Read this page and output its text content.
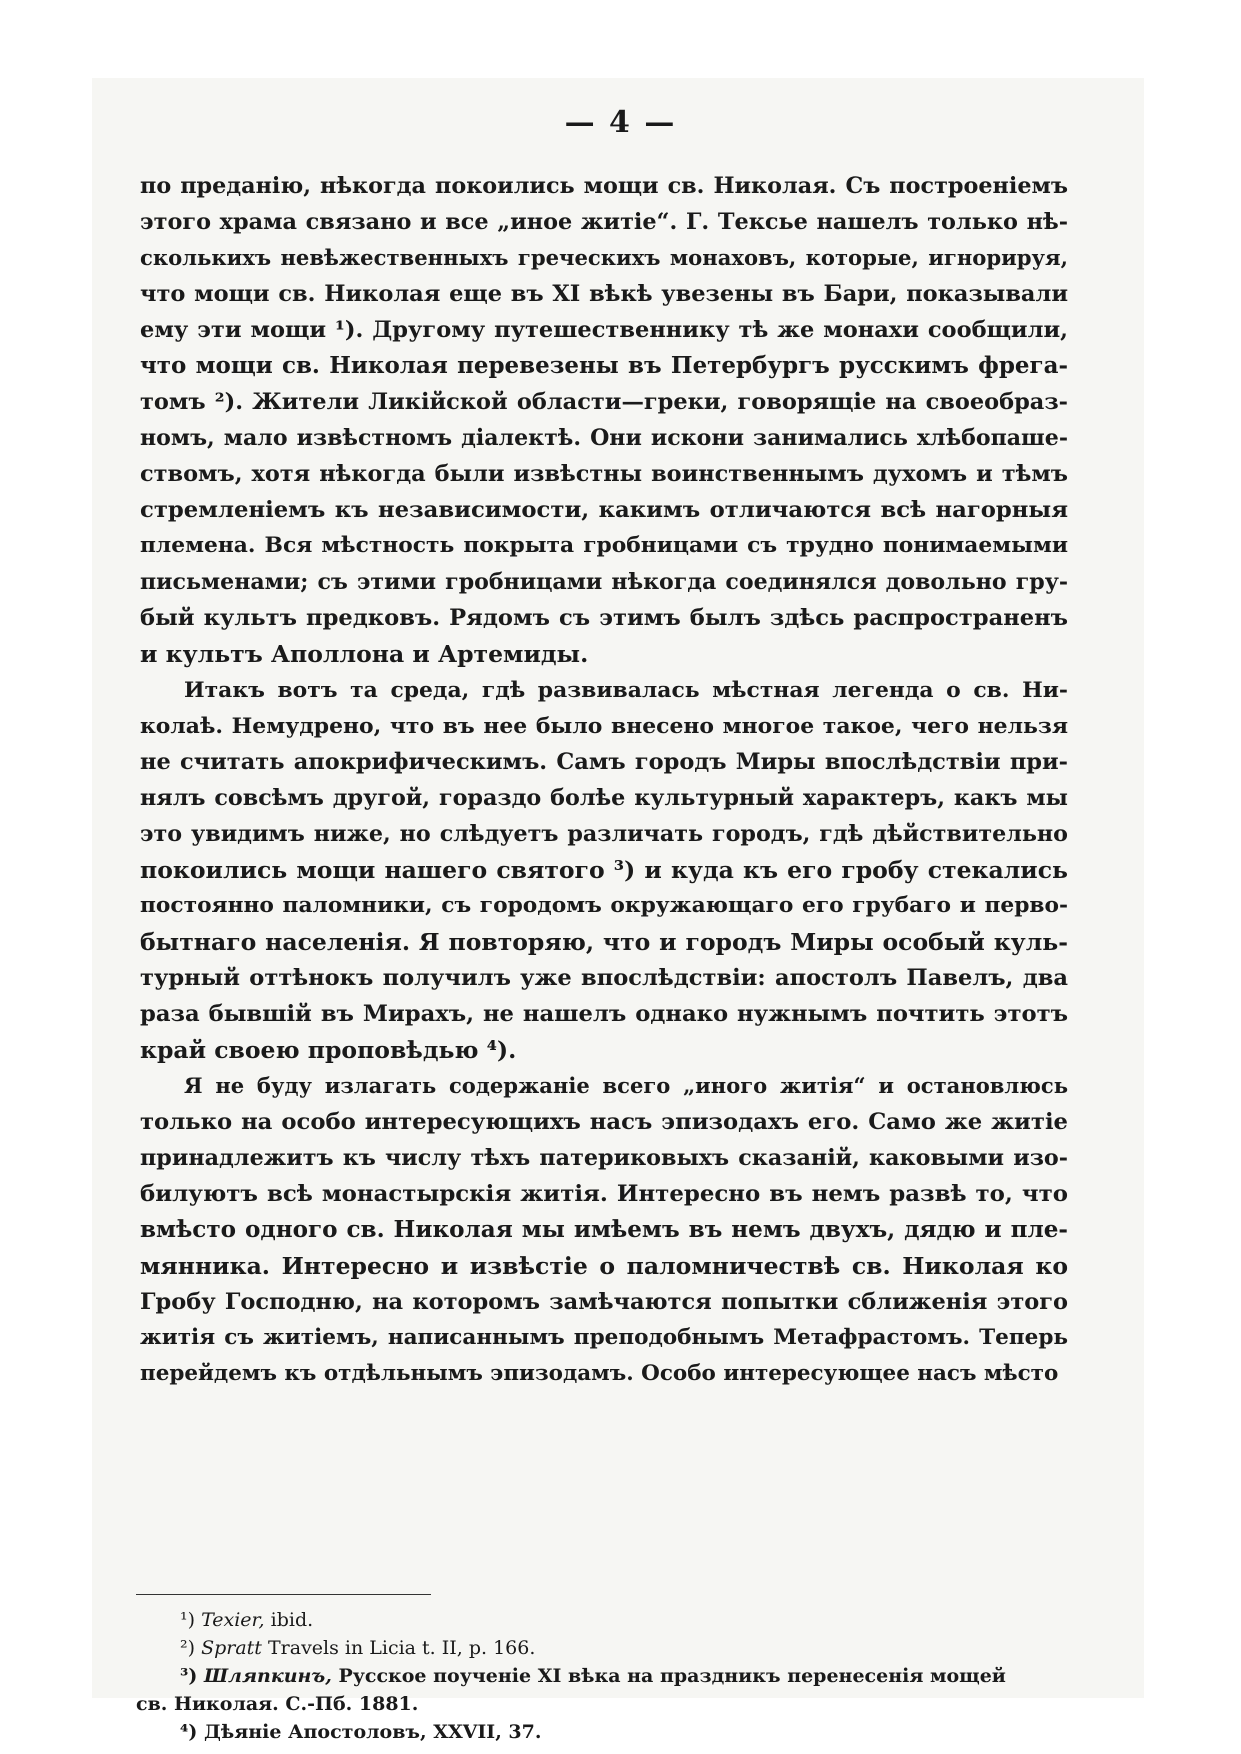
— 4 —
по преданію, нѣкогда покоились мощи св. Николая. Съ построеніемъ
этого храма связано и все „иное житіе“. Г. Тексье нашелъ только нѣ-
сколькихъ невѣжественныхъ греческихъ монаховъ, которые, игнорируя,
что мощи св. Николая еще въ XI вѣкѣ увезены въ Бари, показывали
ему эти мощи ¹). Другому путешественнику тѣ же монахи сообщили,
что мощи св. Николая перевезены въ Петербургъ русскимъ фрега-
томъ ²). Жители Ликійской области—греки, говорящіе на своеобраз-
номъ, мало извѣстномъ діалектѣ. Они искони занимались хлѣбопаше-
ствомъ, хотя нѣкогда были извѣстны воинственнымъ духомъ и тѣмъ
стремленіемъ къ независимости, какимъ отличаются всѣ нагорныя
племена. Вся мѣстность покрыта гробницами съ трудно понимаемыми
письменами; съ этими гробницами нѣкогда соединялся довольно гру-
бый культъ предковъ. Рядомъ съ этимъ былъ здѣсь распространенъ
и культъ Аполлона и Артемиды.
Итакъ вотъ та среда, гдѣ развивалась мѣстная легенда о св. Ни-
колаѣ. Немудрено, что въ нее было внесено многое такое, чего нельзя
не считать апокрифическимъ. Самъ городъ Миры впослѣдствіи при-
нялъ совсѣмъ другой, гораздо болѣе культурный характеръ, какъ мы
это увидимъ ниже, но слѣдуетъ различать городъ, гдѣ дѣйствительно
покоились мощи нашего святого ³) и куда къ его гробу стекались
постоянно паломники, съ городомъ окружающаго его грубаго и перво-
бытнаго населенія. Я повторяю, что и городъ Миры особый куль-
турный оттѣнокъ получилъ уже впослѣдствіи: апостолъ Павелъ, два
раза бывшій въ Мирахъ, не нашелъ однако нужнымъ почтить этотъ
край своею проповѣдью ⁴).
Я не буду излагать содержаніе всего „иного житія“ и остановлюсь
только на особо интересующихъ насъ эпизодахъ его. Само же житіе
принадлежитъ къ числу тѣхъ патериковыхъ сказаній, каковыми изо-
билуютъ всѣ монастырскія житія. Интересно въ немъ развѣ то, что
вмѣсто одного св. Николая мы имѣемъ въ немъ двухъ, дядю и пле-
мянника. Интересно и извѣстіе о паломничествѣ св. Николая ко
Гробу Господню, на которомъ замѣчаются попытки сближенія этого
житія съ житіемъ, написаннымъ преподобнымъ Метафрастомъ. Теперь
перейдемъ къ отдѣльнымъ эпизодамъ. Особо интересующее насъ мѣсто
¹) Texier, ibid.
²) Spratt Travels in Licia t. II, p. 166.
³) Шляпкинъ, Русское поученіе XI вѣка на праздникъ перенесенія мощей
св. Николая. С.-Пб. 1881.
⁴) Дѣяніе Апостоловъ, XXVII, 37.
